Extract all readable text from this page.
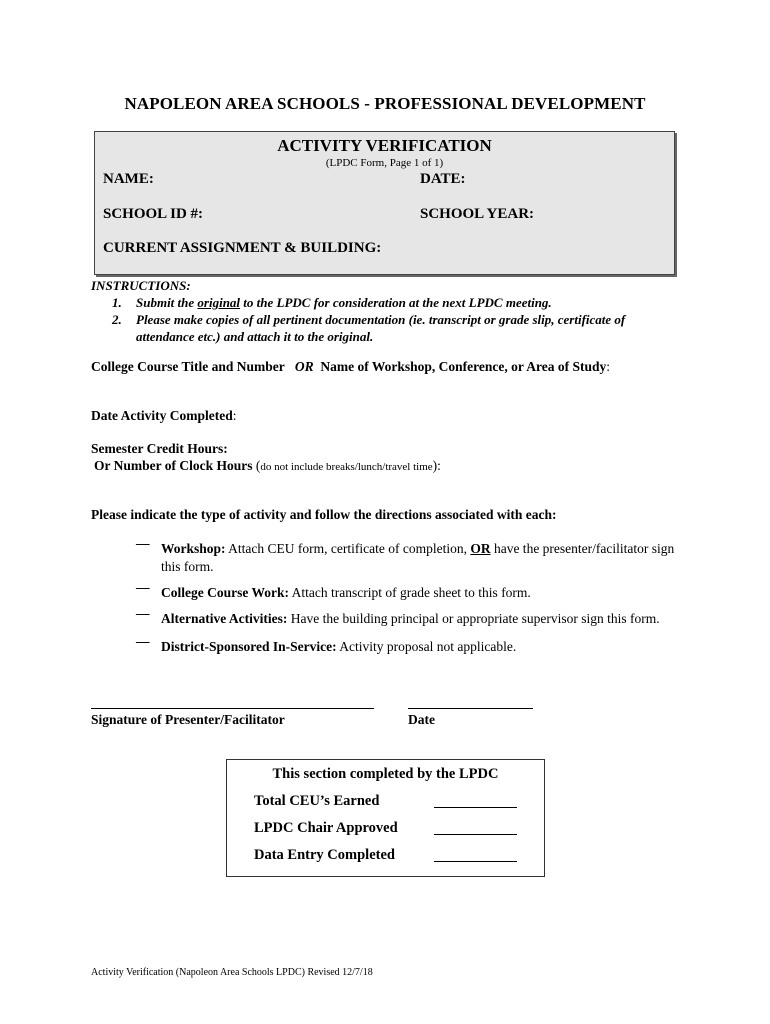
NAPOLEON AREA SCHOOLS - PROFESSIONAL DEVELOPMENT
ACTIVITY VERIFICATION
(LPDC Form, Page 1 of 1)
NAME:	DATE:
SCHOOL ID #:	SCHOOL YEAR:
CURRENT ASSIGNMENT & BUILDING:
INSTRUCTIONS:
1. Submit the original to the LPDC for consideration at the next LPDC meeting.
2. Please make copies of all pertinent documentation (ie. transcript or grade slip, certificate of attendance etc.) and attach it to the original.
College Course Title and Number OR Name of Workshop, Conference, or Area of Study:
Date Activity Completed:
Semester Credit Hours:
Or Number of Clock Hours (do not include breaks/lunch/travel time):
Please indicate the type of activity and follow the directions associated with each:
__
Workshop: Attach CEU form, certificate of completion, OR have the presenter/facilitator sign this form.
__
College Course Work: Attach transcript of grade sheet to this form.
__
Alternative Activities: Have the building principal or appropriate supervisor sign this form.
__
District-Sponsored In-Service: Activity proposal not applicable.
Signature of Presenter/Facilitator	Date
This section completed by the LPDC
Total CEU’s Earned
LPDC Chair Approved
Data Entry Completed
Activity Verification (Napoleon Area Schools LPDC) Revised 12/7/18
